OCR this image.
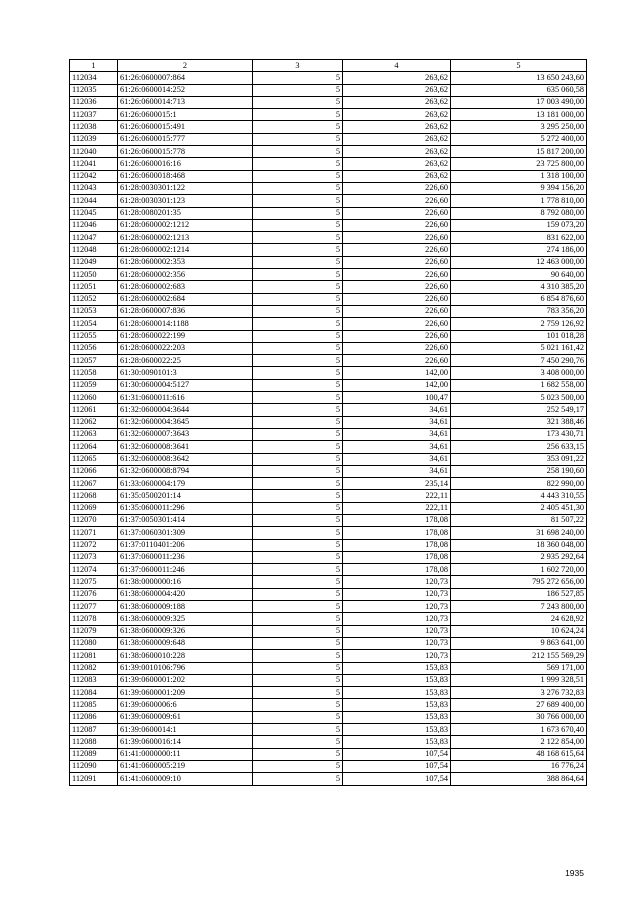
1	2	3	4	5
112034	61:26:0600007:864	5	263,62	13 650 243,60
112035	61:26:0600014:252	5	263,62	635 060,58
112036	61:26:0600014:713	5	263,62	17 003 490,00
112037	61:26:0600015:1	5	263,62	13 181 000,00
112038	61:26:0600015:491	5	263,62	3 295 250,00
112039	61:26:0600015:777	5	263,62	5 272 400,00
112040	61:26:0600015:778	5	263,62	15 817 200,00
112041	61:26:0600016:16	5	263,62	23 725 800,00
112042	61:26:0600018:468	5	263,62	1 318 100,00
112043	61:28:0030301:122	5	226,60	9 394 156,20
112044	61:28:0030301:123	5	226,60	1 778 810,00
112045	61:28:0080201:35	5	226,60	8 792 080,00
112046	61:28:0600002:1212	5	226,60	159 073,20
112047	61:28:0600002:1213	5	226,60	831 622,00
112048	61:28:0600002:1214	5	226,60	274 186,00
112049	61:28:0600002:353	5	226,60	12 463 000,00
112050	61:28:0600002:356	5	226,60	90 640,00
112051	61:28:0600002:683	5	226,60	4 310 385,20
112052	61:28:0600002:684	5	226,60	6 854 876,60
112053	61:28:0600007:836	5	226,60	783 356,20
112054	61:28:0600014:1188	5	226,60	2 759 126,92
112055	61:28:0600022:199	5	226,60	101 018,28
112056	61:28:0600022:203	5	226,60	5 021 161,42
112057	61:28:0600022:25	5	226,60	7 450 290,76
112058	61:30:0090101:3	5	142,00	3 408 000,00
112059	61:30:0600004:5127	5	142,00	1 682 558,00
112060	61:31:0600011:616	5	100,47	5 023 500,00
112061	61:32:0600004:3644	5	34,61	252 549,17
112062	61:32:0600004:3645	5	34,61	321 388,46
112063	61:32:0600007:3643	5	34,61	173 430,71
112064	61:32:0600008:3641	5	34,61	256 633,15
112065	61:32:0600008:3642	5	34,61	353 091,22
112066	61:32:0600008:8794	5	34,61	258 190,60
112067	61:33:0600004:179	5	235,14	822 990,00
112068	61:35:0500201:14	5	222,11	4 443 310,55
112069	61:35:0600011:296	5	222,11	2 405 451,30
112070	61:37:0050301:414	5	178,08	81 507,22
112071	61:37:0060301:309	5	178,08	31 698 240,00
112072	61:37:0110401:206	5	178,08	18 360 048,00
112073	61:37:0600011:236	5	178,08	2 935 292,64
112074	61:37:0600011:246	5	178,08	1 602 720,00
112075	61:38:0000000:16	5	120,73	795 272 656,00
112076	61:38:0600004:420	5	120,73	186 527,85
112077	61:38:0600009:188	5	120,73	7 243 800,00
112078	61:38:0600009:325	5	120,73	24 628,92
112079	61:38:0600009:326	5	120,73	10 624,24
112080	61:38:0600009:648	5	120,73	9 863 641,00
112081	61:38:0600010:228	5	120,73	212 155 569,29
112082	61:39:0010106:796	5	153,83	569 171,00
112083	61:39:0600001:202	5	153,83	1 999 328,51
112084	61:39:0600001:209	5	153,83	3 276 732,83
112085	61:39:0600006:6	5	153,83	27 689 400,00
112086	61:39:0600009:61	5	153,83	30 766 000,00
112087	61:39:0600014:1	5	153,83	1 673 670,40
112088	61:39:0600016:14	5	153,83	2 122 854,00
112089	61:41:0000000:11	5	107,54	48 168 615,64
112090	61:41:0600005:219	5	107,54	16 776,24
112091	61:41:0600009:10	5	107,54	388 864,64
1935
